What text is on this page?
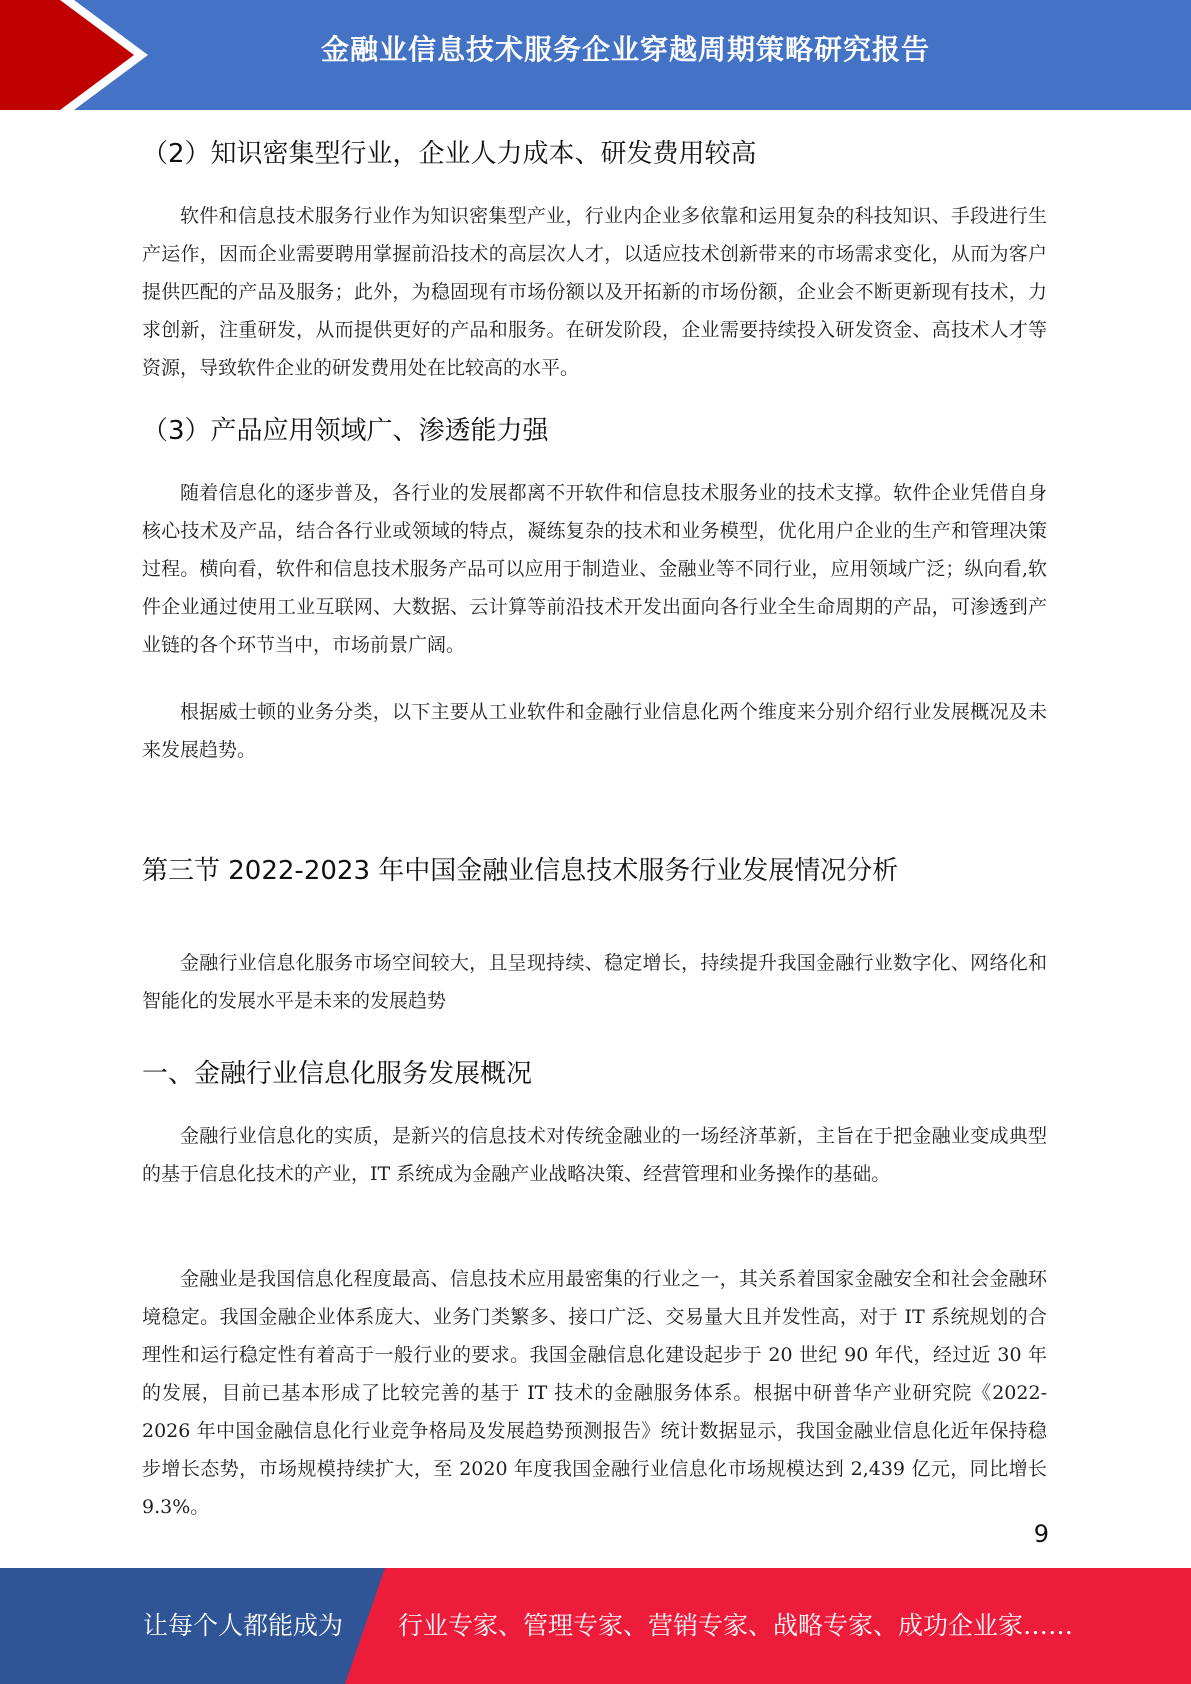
金融业信息技术服务企业穿越周期策略研究报告
（2）知识密集型行业，企业人力成本、研发费用较高

软件和信息技术服务行业作为知识密集型产业，行业内企业多依靠和运用复杂的科技知识、手段进行生产运作，因而企业需要聘用掌握前沿技术的高层次人才，以适应技术创新带来的市场需求变化，从而为客户提供匹配的产品及服务；此外，为稳固现有市场份额以及开拓新的市场份额，企业会不断更新现有技术，力求创新，注重研发，从而提供更好的产品和服务。在研发阶段，企业需要持续投入研发资金、高技术人才等资源，导致软件企业的研发费用处在比较高的水平。

（3）产品应用领域广、渗透能力强

随着信息化的逐步普及，各行业的发展都离不开软件和信息技术服务业的技术支撑。软件企业凭借自身核心技术及产品，结合各行业或领域的特点，凝练复杂的技术和业务模型，优化用户企业的生产和管理决策过程。横向看，软件和信息技术服务产品可以应用于制造业、金融业等不同行业，应用领域广泛；纵向看,软件企业通过使用工业互联网、大数据、云计算等前沿技术开发出面向各行业全生命周期的产品，可渗透到产业链的各个环节当中，市场前景广阔。

根据威士顿的业务分类，以下主要从工业软件和金融行业信息化两个维度来分别介绍行业发展概况及未来发展趋势。

第三节 2022-2023 年中国金融业信息技术服务行业发展情况分析

金融行业信息化服务市场空间较大，且呈现持续、稳定增长，持续提升我国金融行业数字化、网络化和智能化的发展水平是未来的发展趋势

一、金融行业信息化服务发展概况

金融行业信息化的实质，是新兴的信息技术对传统金融业的一场经济革新，主旨在于把金融业变成典型的基于信息化技术的产业，IT 系统成为金融产业战略决策、经营管理和业务操作的基础。

金融业是我国信息化程度最高、信息技术应用最密集的行业之一，其关系着国家金融安全和社会金融环境稳定。我国金融企业体系庞大、业务门类繁多、接口广泛、交易量大且并发性高，对于 IT 系统规划的合理性和运行稳定性有着高于一般行业的要求。我国金融信息化建设起步于 20 世纪 90 年代，经过近 30 年的发展，目前已基本形成了比较完善的基于 IT 技术的金融服务体系。根据中研普华产业研究院《2022-2026 年中国金融信息化行业竞争格局及发展趋势预测报告》统计数据显示，我国金融业信息化近年保持稳步增长态势，市场规模持续扩大，至 2020 年度我国金融行业信息化市场规模达到 2,439 亿元，同比增长 9.3%。

9
让每个人都能成为 行业专家、管理专家、营销专家、战略专家、成功企业家……
